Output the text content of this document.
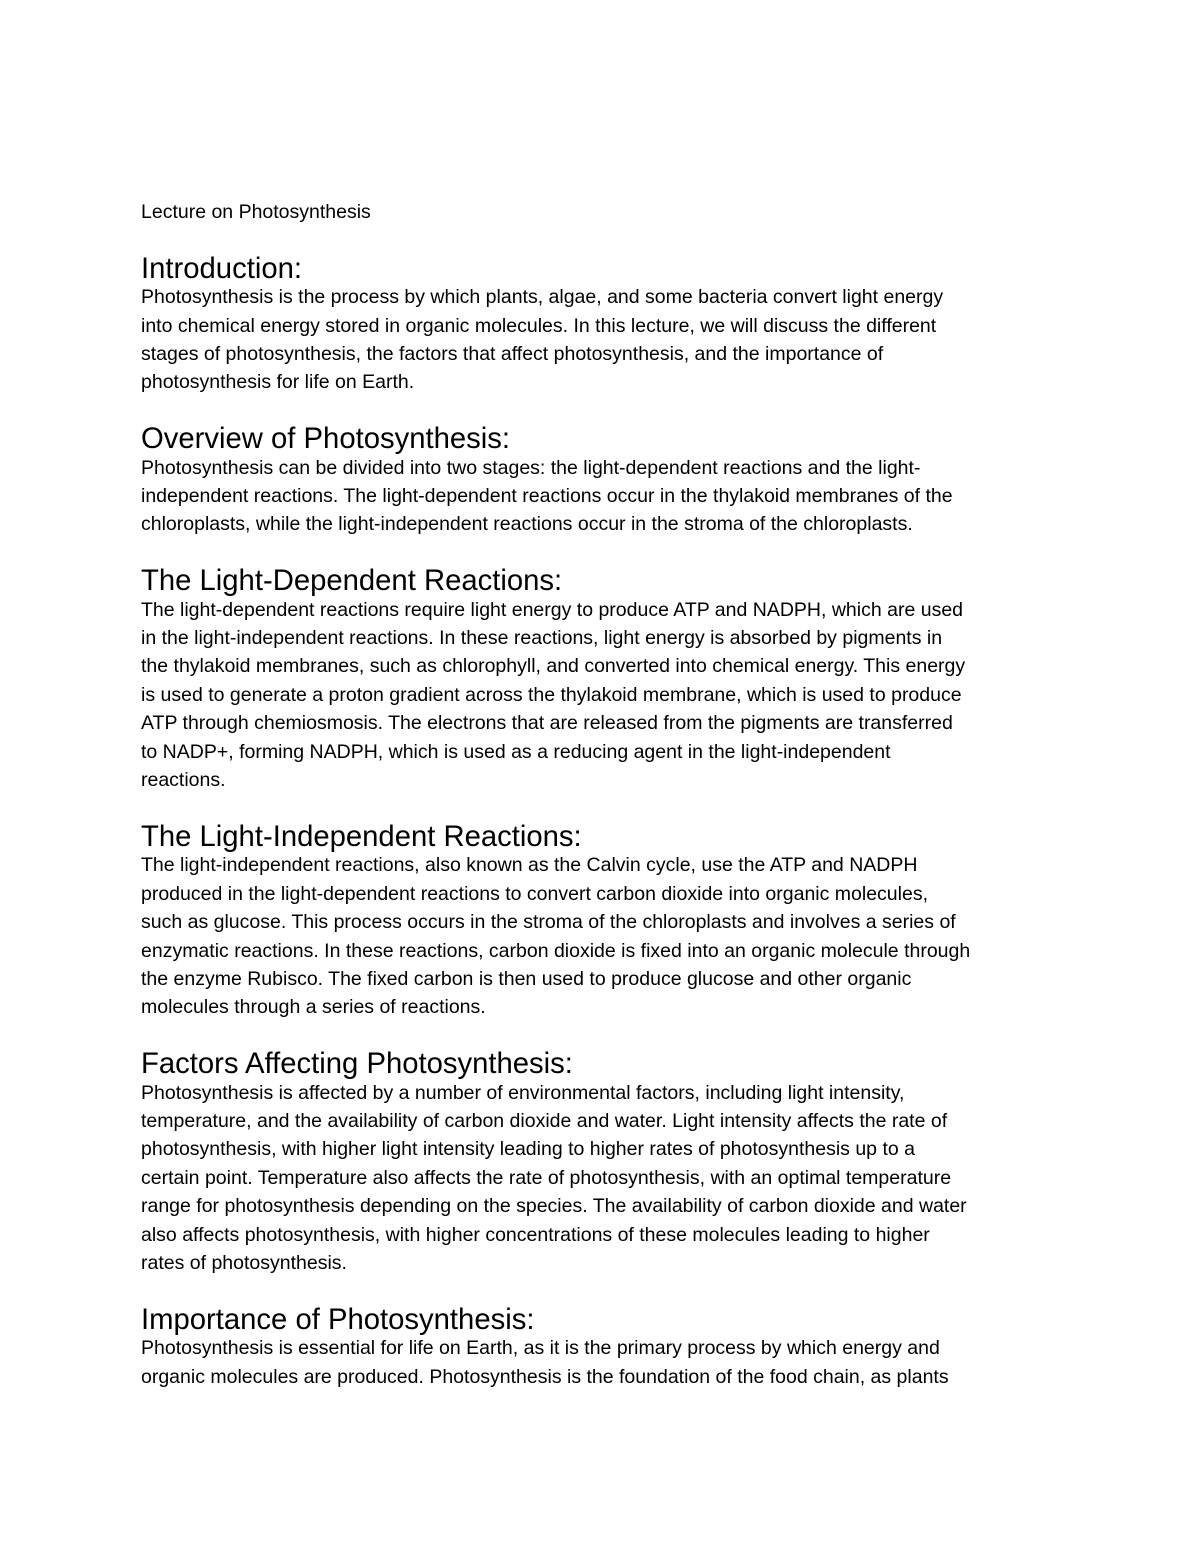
Lecture on Photosynthesis
Introduction:

Photosynthesis is the process by which plants, algae, and some bacteria convert light energy
into chemical energy stored in organic molecules. In this lecture, we will discuss the different
stages of photosynthesis, the factors that affect photosynthesis, and the importance of
photosynthesis for life on Earth.

Overview of Photosynthesis:

Photosynthesis can be divided into two stages: the light-dependent reactions and the light-
independent reactions. The light-dependent reactions occur in the thylakoid membranes of the
chloroplasts, while the light-independent reactions occur in the stroma of the chloroplasts.

The Light-Dependent Reactions:

The light-dependent reactions require light energy to produce ATP and NADPH, which are used
in the light-independent reactions. In these reactions, light energy is absorbed by pigments in
the thylakoid membranes, such as chlorophyll, and converted into chemical energy. This energy
is used to generate a proton gradient across the thylakoid membrane, which is used to produce
ATP through chemiosmosis. The electrons that are released from the pigments are transferred
to NADP+, forming NADPH, which is used as a reducing agent in the light-independent
reactions.

The Light-Independent Reactions:

The light-independent reactions, also known as the Calvin cycle, use the ATP and NADPH
produced in the light-dependent reactions to convert carbon dioxide into organic molecules,
such as glucose. This process occurs in the stroma of the chloroplasts and involves a series of
enzymatic reactions. In these reactions, carbon dioxide is fixed into an organic molecule through
the enzyme Rubisco. The fixed carbon is then used to produce glucose and other organic
molecules through a series of reactions.

Factors Affecting Photosynthesis:

Photosynthesis is affected by a number of environmental factors, including light intensity,
temperature, and the availability of carbon dioxide and water. Light intensity affects the rate of
photosynthesis, with higher light intensity leading to higher rates of photosynthesis up to a
certain point. Temperature also affects the rate of photosynthesis, with an optimal temperature
range for photosynthesis depending on the species. The availability of carbon dioxide and water
also affects photosynthesis, with higher concentrations of these molecules leading to higher
rates of photosynthesis.

Importance of Photosynthesis:

Photosynthesis is essential for life on Earth, as it is the primary process by which energy and
organic molecules are produced. Photosynthesis is the foundation of the food chain, as plants
